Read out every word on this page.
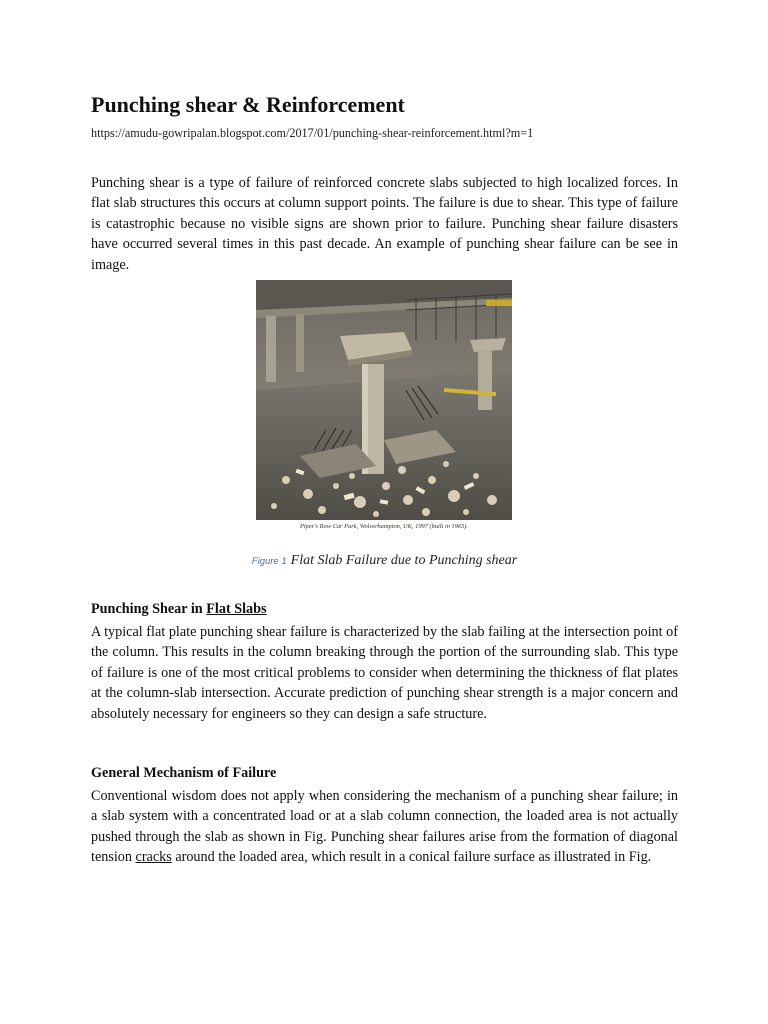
Punching shear & Reinforcement
https://amudu-gowripalan.blogspot.com/2017/01/punching-shear-reinforcement.html?m=1

Punching shear is a type of failure of reinforced concrete slabs subjected to high localized forces. In flat slab structures this occurs at column support points. The failure is due to shear. This type of failure is catastrophic because no visible signs are shown prior to failure. Punching shear failure disasters have occurred several times in this past decade. An example of punching shear failure can be see in image.

Piper's Row Car Park, Wolverhampton, UK, 1997 (built in 1965).
Figure 1 Flat Slab Failure due to Punching shear
Punching Shear in Flat Slabs

A typical flat plate punching shear failure is characterized by the slab failing at the intersection point of the column. This results in the column breaking through the portion of the surrounding slab. This type of failure is one of the most critical problems to consider when determining the thickness of flat plates at the column-slab intersection. Accurate prediction of punching shear strength is a major concern and absolutely necessary for engineers so they can design a safe structure.

General Mechanism of Failure

Conventional wisdom does not apply when considering the mechanism of a punching shear failure; in a slab system with a concentrated load or at a slab column connection, the loaded area is not actually pushed through the slab as shown in Fig. Punching shear failures arise from the formation of diagonal tension cracks around the loaded area, which result in a conical failure surface as illustrated in Fig.
